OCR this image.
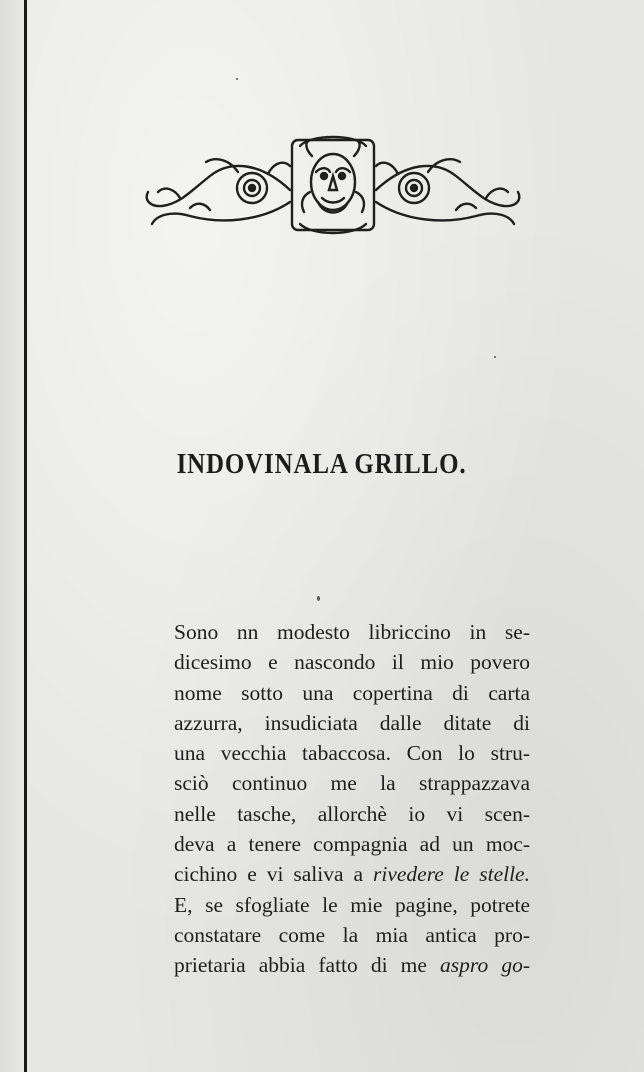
INDOVINALA GRILLO.
Sono nn modesto libriccino in se-
dicesimo e nascondo il mio povero
nome sotto una copertina di carta
azzurra, insudiciata dalle ditate di
una vecchia tabaccosa. Con lo stru-
sciò continuo me la strappazzava
nelle tasche, allorchè io vi scen-
deva a tenere compagnia ad un moc-
cichino e vi saliva a rivedere le stelle.
E, se sfogliate le mie pagine, potrete
constatare come la mia antica pro-
prietaria abbia fatto di me aspro go-
